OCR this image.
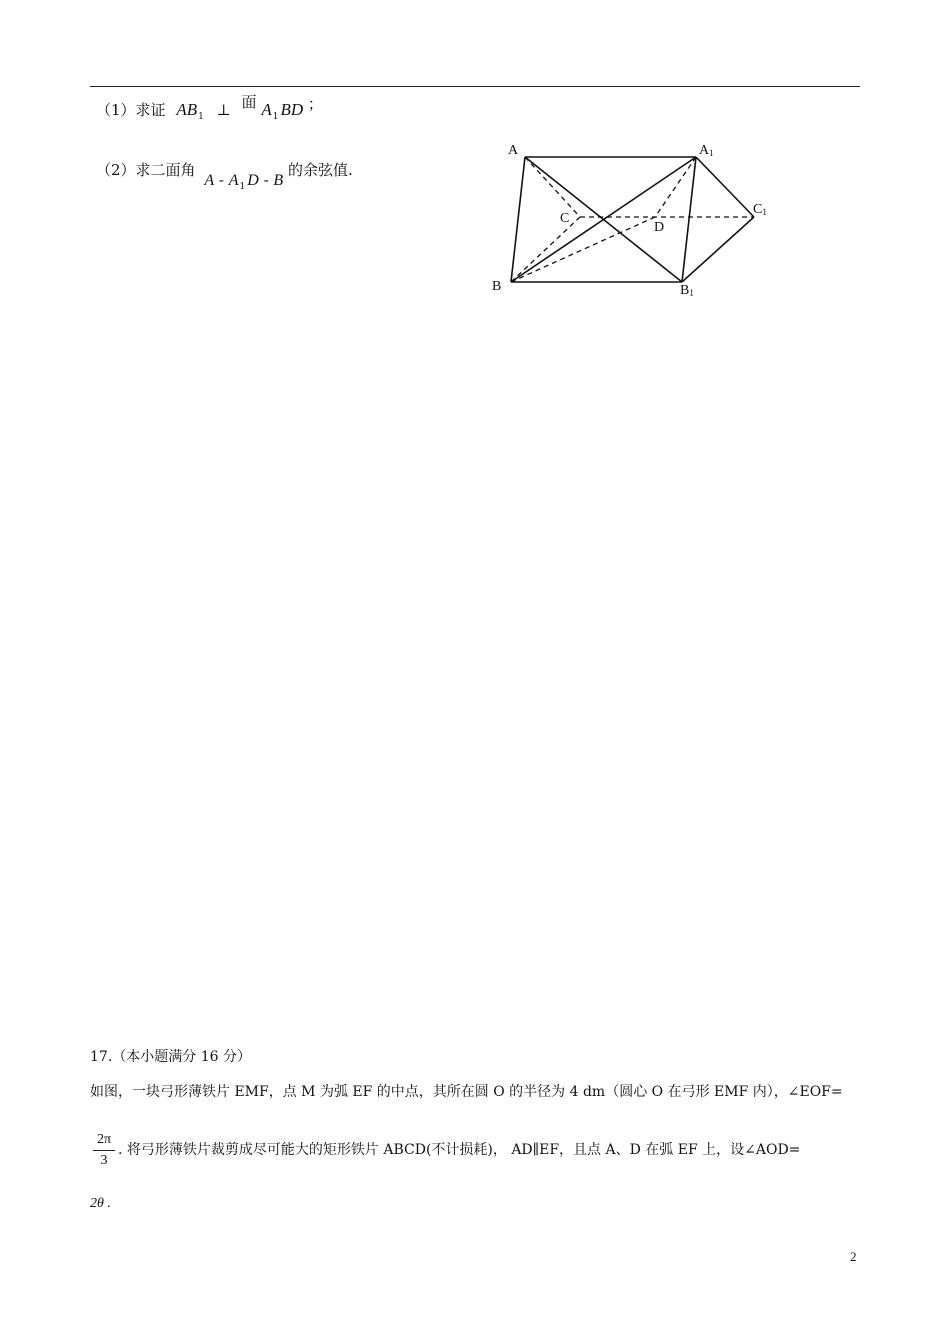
（1）求证 $AB_1$ ⊥ 面 $A_1$ BD ；
（2）求二面角 A - $A_1$ D - B 的余弦值.
A	A1
C
D
C1
B	B1
17.（本小题满分 16 分）
如图，一块弓形薄铁片 EMF，点 M 为弧 EF 的中点，其所在圆 O 的半径为 4 dm（圆心 O 在弓形 EMF 内），∠EOF=
2π
3
. 将弓形薄铁片裁剪成尽可能大的矩形铁片 ABCD(不计损耗)， AD∥EF，且点 A、D 在弧 EF 上，设∠AOD=
2θ .
2
